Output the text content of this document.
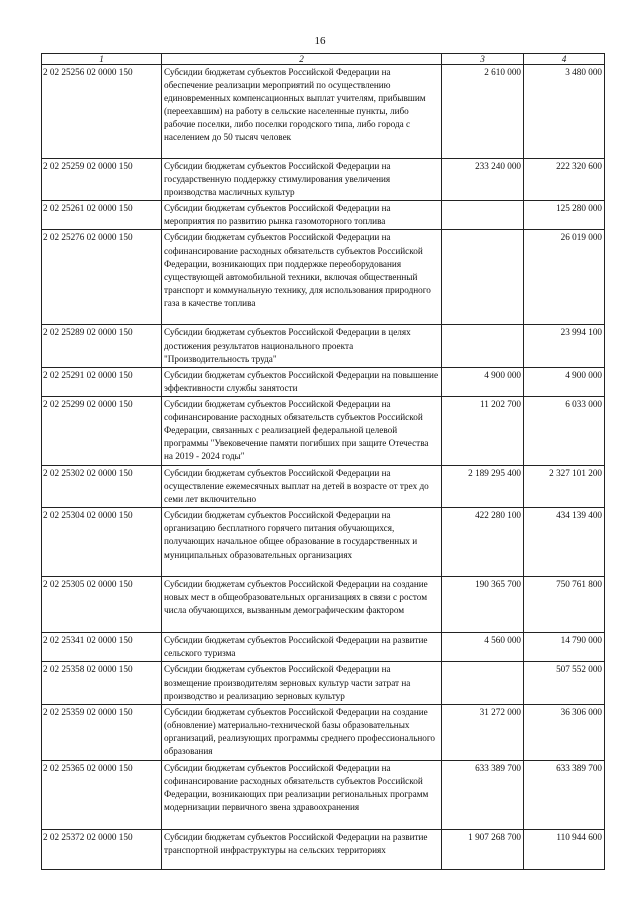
16
1	2	3	4
2 02 25256 02 0000 150	Субсидии бюджетам субъектов Российской Федерации на обеспечение реализации мероприятий по осуществлению единовременных компенсационных выплат учителям, прибывшим (переехавшим) на работу в сельские населенные пункты, либо рабочие поселки, либо поселки городского типа, либо города с населением до 50 тысяч человек	2 610 000	3 480 000
2 02 25259 02 0000 150	Субсидии бюджетам субъектов Российской Федерации на государственную поддержку стимулирования увеличения производства масличных культур	233 240 000	222 320 600
2 02 25261 02 0000 150	Субсидии бюджетам субъектов Российской Федерации на мероприятия по развитию рынка газомоторного топлива		125 280 000
2 02 25276 02 0000 150	Субсидии бюджетам субъектов Российской Федерации на софинансирование расходных обязательств субъектов Российской Федерации, возникающих при поддержке переоборудования существующей автомобильной техники, включая общественный транспорт и коммунальную технику, для использования природного газа в качестве топлива		26 019 000
2 02 25289 02 0000 150	Субсидии бюджетам субъектов Российской Федерации в целях достижения результатов национального проекта "Производительность труда"		23 994 100
2 02 25291 02 0000 150	Субсидии бюджетам субъектов Российской Федерации на повышение эффективности службы занятости	4 900 000	4 900 000
2 02 25299 02 0000 150	Субсидии бюджетам субъектов Российской Федерации на софинансирование расходных обязательств субъектов Российской Федерации, связанных с реализацией федеральной целевой программы "Увековечение памяти погибших при защите Отечества на 2019 - 2024 годы"	11 202 700	6 033 000
2 02 25302 02 0000 150	Субсидии бюджетам субъектов Российской Федерации на осуществление ежемесячных выплат на детей в возрасте от трех до семи лет включительно	2 189 295 400	2 327 101 200
2 02 25304 02 0000 150	Субсидии бюджетам субъектов Российской Федерации на организацию бесплатного горячего питания обучающихся, получающих начальное общее образование в государственных и муниципальных образовательных организациях	422 280 100	434 139 400
2 02 25305 02 0000 150	Субсидии бюджетам субъектов Российской Федерации на создание новых мест в общеобразовательных организациях в связи с ростом числа обучающихся, вызванным демографическим фактором	190 365 700	750 761 800
2 02 25341 02 0000 150	Субсидии бюджетам субъектов Российской Федерации на развитие сельского туризма	4 560 000	14 790 000
2 02 25358 02 0000 150	Субсидии бюджетам субъектов Российской Федерации на возмещение производителям зерновых культур части затрат на производство и реализацию зерновых культур		507 552 000
2 02 25359 02 0000 150	Субсидии бюджетам субъектов Российской Федерации на создание (обновление) материально-технической базы образовательных организаций, реализующих программы среднего профессионального образования	31 272 000	36 306 000
2 02 25365 02 0000 150	Субсидии бюджетам субъектов Российской Федерации на софинансирование расходных обязательств субъектов Российской Федерации, возникающих при реализации региональных программ модернизации первичного звена здравоохранения	633 389 700	633 389 700
2 02 25372 02 0000 150	Субсидии бюджетам субъектов Российской Федерации на развитие транспортной инфраструктуры на сельских территориях	1 907 268 700	110 944 600
